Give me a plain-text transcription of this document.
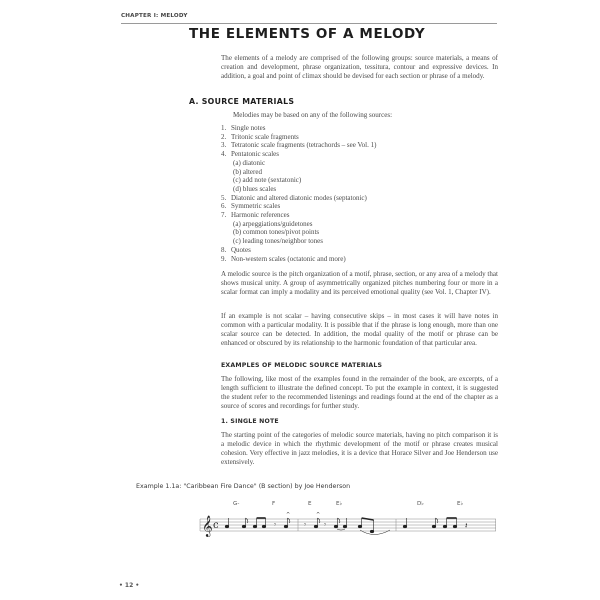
CHAPTER I: MELODY
THE ELEMENTS OF A MELODY

The elements of a melody are comprised of the following groups: source materials, a means of creation and development, phrase organization, tessitura, contour and expressive devices. In addition, a goal and point of climax should be devised for each section or phrase of a melody.

A. SOURCE MATERIALS

Melodies may be based on any of the following sources:

1. Single notes
2. Tritonic scale fragments
3. Tetratonic scale fragments (tetrachords – see Vol. 1)
4. Pentatonic scales
(a) diatonic
(b) altered
(c) add note (sextatonic)
(d) blues scales
5. Diatonic and altered diatonic modes (septatonic)
6. Symmetric scales
7. Harmonic references
(a) arpeggiations/guidetones
(b) common tones/pivot points
(c) leading tones/neighbor tones
8. Quotes
9. Non-western scales (octatonic and more)

A melodic source is the pitch organization of a motif, phrase, section, or any area of a melody that shows musical unity. A group of asymmetrically organized pitches numbering four or more in a scalar format can imply a modality and its perceived emotional quality (see Vol. 1, Chapter IV).

If an example is not scalar – having consecutive skips – in most cases it will have notes in common with a particular modality. It is possible that if the phrase is long enough, more than one scalar source can be detected. In addition, the modal quality of the motif or phrase can be enhanced or obscured by its relationship to the harmonic foundation of that particular area.

EXAMPLES OF MELODIC SOURCE MATERIALS

The following, like most of the examples found in the remainder of the book, are excerpts, of a length sufficient to illustrate the defined concept. To put the example in context, it is suggested the student refer to the recommended listenings and readings found at the end of the chapter as a source of scores and recordings for further study.

1. SINGLE NOTE

The starting point of the categories of melodic source materials, having no pitch comparison it is a melodic device in which the rhythmic development of the motif or phrase creates musical cohesion. Very effective in jazz melodies, it is a device that Horace Silver and Joe Henderson use extensively.

Example 1.1a: "Caribbean Fire Dance" (B section) by Joe Henderson
G-	F	E	E♭	D♭	E♭
𝄞 c	𝄾	𝄾	𝄾	𝄽
^	^
• 12 •
